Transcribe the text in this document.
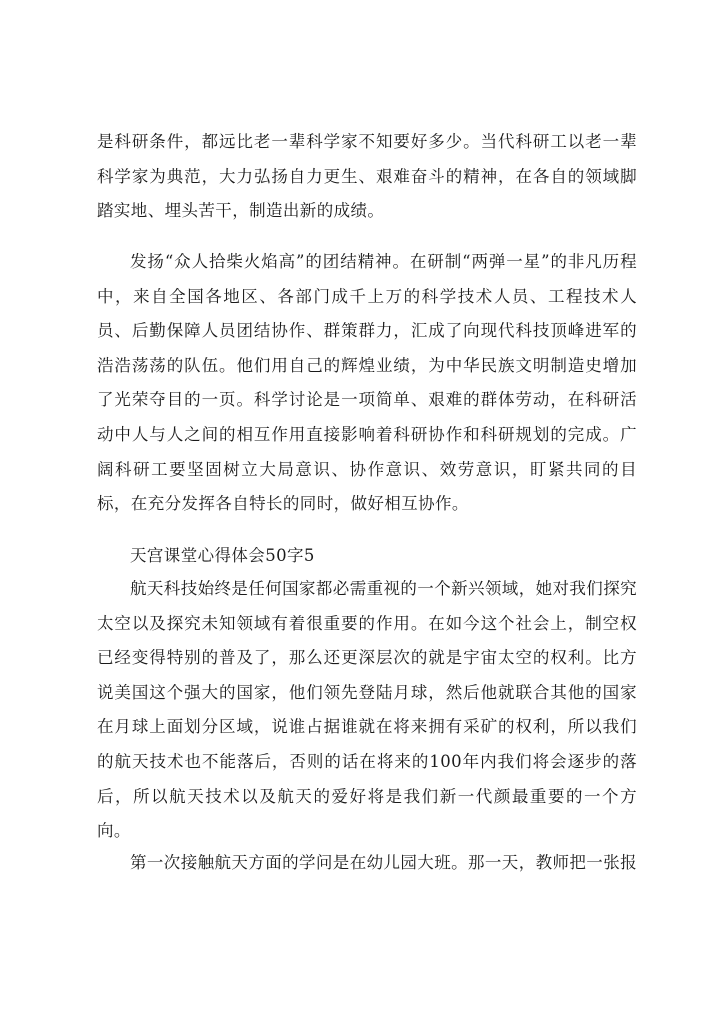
是科研条件，都远比老一辈科学家不知要好多少。当代科研工以老一辈科学家为典范，大力弘扬自力更生、艰难奋斗的精神，在各自的领域脚踏实地、埋头苦干，制造出新的成绩。

发扬“众人拾柴火焰高”的团结精神。在研制“两弹一星”的非凡历程中，来自全国各地区、各部门成千上万的科学技术人员、工程技术人员、后勤保障人员团结协作、群策群力，汇成了向现代科技顶峰进军的浩浩荡荡的队伍。他们用自己的辉煌业绩，为中华民族文明制造史增加了光荣夺目的一页。科学讨论是一项简单、艰难的群体劳动，在科研活动中人与人之间的相互作用直接影响着科研协作和科研规划的完成。广阔科研工要坚固树立大局意识、协作意识、效劳意识，盯紧共同的目标，在充分发挥各自特长的同时，做好相互协作。

天宫课堂心得体会50字5

航天科技始终是任何国家都必需重视的一个新兴领域，她对我们探究太空以及探究未知领域有着很重要的作用。在如今这个社会上，制空权已经变得特别的普及了，那么还更深层次的就是宇宙太空的权利。比方说美国这个强大的国家，他们领先登陆月球，然后他就联合其他的国家在月球上面划分区域，说谁占据谁就在将来拥有采矿的权利，所以我们的航天技术也不能落后，否则的话在将来的100年内我们将会逐步的落后，所以航天技术以及航天的爱好将是我们新一代颜最重要的一个方向。

第一次接触航天方面的学问是在幼儿园大班。那一天，教师把一张报
